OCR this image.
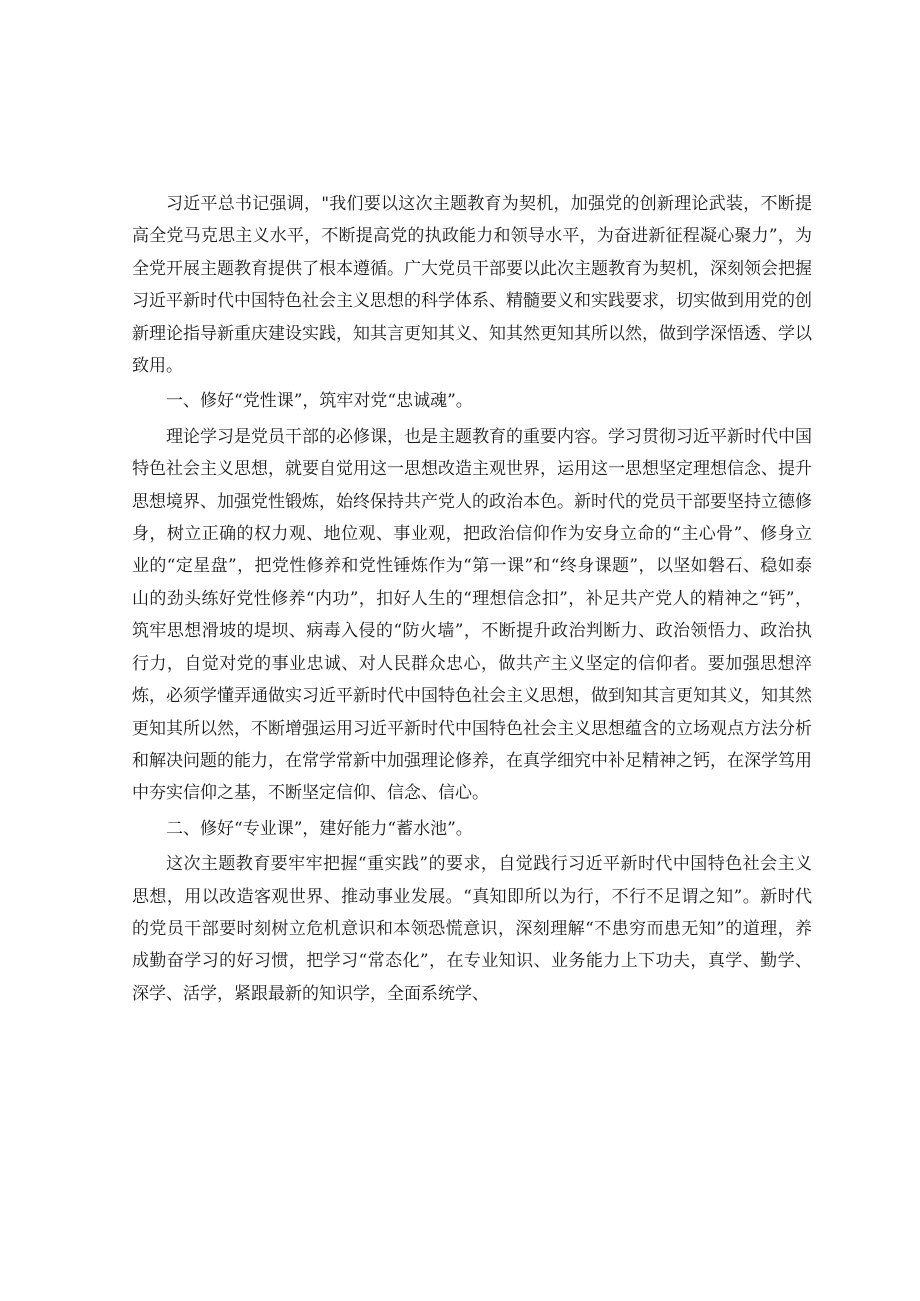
习近平总书记强调，"我们要以这次主题教育为契机，加强党的创新理论武装，不断提高全党马克思主义水平，不断提高党的执政能力和领导水平，为奋进新征程凝心聚力”，为全党开展主题教育提供了根本遵循。广大党员干部要以此次主题教育为契机，深刻领会把握习近平新时代中国特色社会主义思想的科学体系、精髓要义和实践要求，切实做到用党的创新理论指导新重庆建设实践，知其言更知其义、知其然更知其所以然，做到学深悟透、学以致用。

一、修好“党性课”，筑牢对党“忠诚魂”。

理论学习是党员干部的必修课，也是主题教育的重要内容。学习贯彻习近平新时代中国特色社会主义思想，就要自觉用这一思想改造主观世界，运用这一思想坚定理想信念、提升思想境界、加强党性锻炼，始终保持共产党人的政治本色。新时代的党员干部要坚持立德修身，树立正确的权力观、地位观、事业观，把政治信仰作为安身立命的“主心骨”、修身立业的“定星盘”，把党性修养和党性锤炼作为“第一课”和“终身课题”，以坚如磐石、稳如泰山的劲头练好党性修养“内功”，扣好人生的“理想信念扣”，补足共产党人的精神之“钙”，筑牢思想滑坡的堤坝、病毒入侵的“防火墙”，不断提升政治判断力、政治领悟力、政治执行力，自觉对党的事业忠诚、对人民群众忠心，做共产主义坚定的信仰者。要加强思想淬炼，必须学懂弄通做实习近平新时代中国特色社会主义思想，做到知其言更知其义，知其然更知其所以然，不断增强运用习近平新时代中国特色社会主义思想蕴含的立场观点方法分析和解决问题的能力，在常学常新中加强理论修养，在真学细究中补足精神之钙，在深学笃用中夯实信仰之基，不断坚定信仰、信念、信心。

二、修好“专业课”，建好能力“蓄水池”。

这次主题教育要牢牢把握“重实践”的要求，自觉践行习近平新时代中国特色社会主义思想，用以改造客观世界、推动事业发展。“真知即所以为行，不行不足谓之知”。新时代的党员干部要时刻树立危机意识和本领恐慌意识，深刻理解“不患穷而患无知”的道理，养成勤奋学习的好习惯，把学习“常态化”，在专业知识、业务能力上下功夫，真学、勤学、深学、活学，紧跟最新的知识学，全面系统学、
